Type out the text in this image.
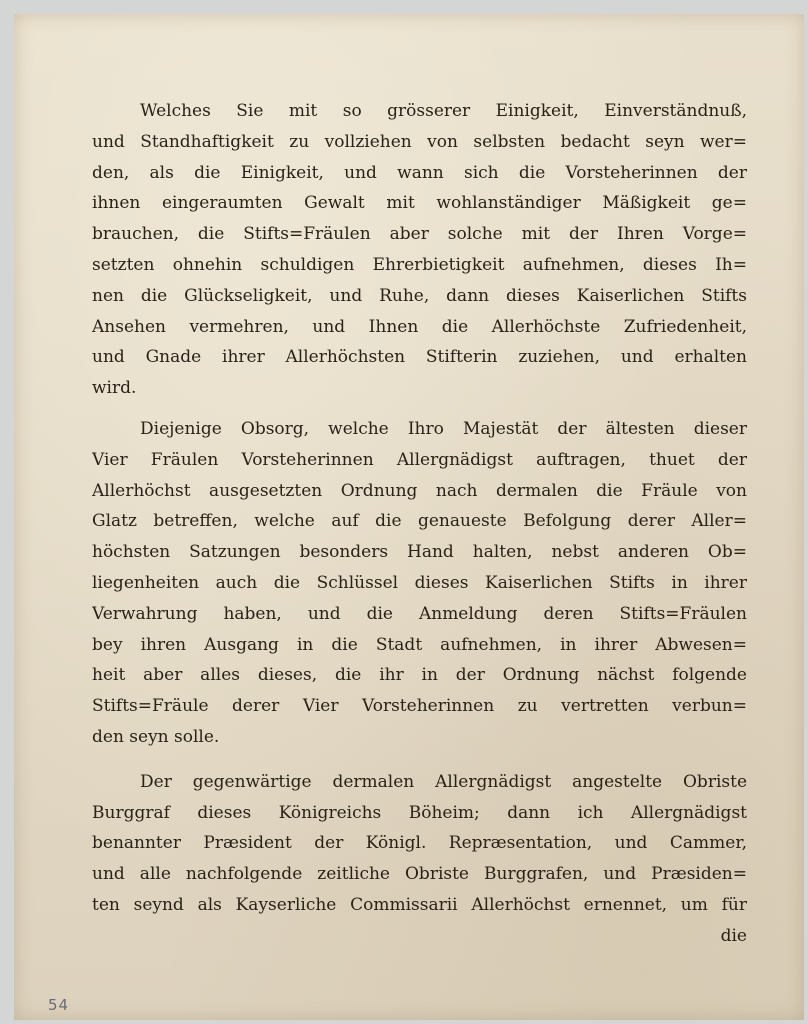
Welches Sie mit so grösserer Einigkeit, Einverständnuß,
und Standhaftigkeit zu vollziehen von selbsten bedacht seyn wer=
den, als die Einigkeit, und wann sich die Vorsteherinnen der
ihnen eingeraumten Gewalt mit wohlanständiger Mäßigkeit ge=
brauchen, die Stifts=Fräulen aber solche mit der Ihren Vorge=
setzten ohnehin schuldigen Ehrerbietigkeit aufnehmen, dieses Ih=
nen die Glückseligkeit, und Ruhe, dann dieses Kaiserlichen Stifts
Ansehen vermehren, und Ihnen die Allerhöchste Zufriedenheit,
und Gnade ihrer Allerhöchsten Stifterin zuziehen, und erhalten
wird.
Diejenige Obsorg, welche Ihro Majestät der ältesten dieser
Vier Fräulen Vorsteherinnen Allergnädigst auftragen, thuet der
Allerhöchst ausgesetzten Ordnung nach dermalen die Fräule von
Glatz betreffen, welche auf die genaueste Befolgung derer Aller=
höchsten Satzungen besonders Hand halten, nebst anderen Ob=
liegenheiten auch die Schlüssel dieses Kaiserlichen Stifts in ihrer
Verwahrung haben, und die Anmeldung deren Stifts=Fräulen
bey ihren Ausgang in die Stadt aufnehmen, in ihrer Abwesen=
heit aber alles dieses, die ihr in der Ordnung nächst folgende
Stifts=Fräule derer Vier Vorsteherinnen zu vertretten verbun=
den seyn solle.
Der gegenwärtige dermalen Allergnädigst angestelte Obriste
Burggraf dieses Königreichs Böheim; dann ich Allergnädigst
benannter Præsident der Königl. Repræsentation, und Cammer,
und alle nachfolgende zeitliche Obriste Burggrafen, und Præsiden=
ten seynd als Kayserliche Commissarii Allerhöchst ernennet, um für
die
54
